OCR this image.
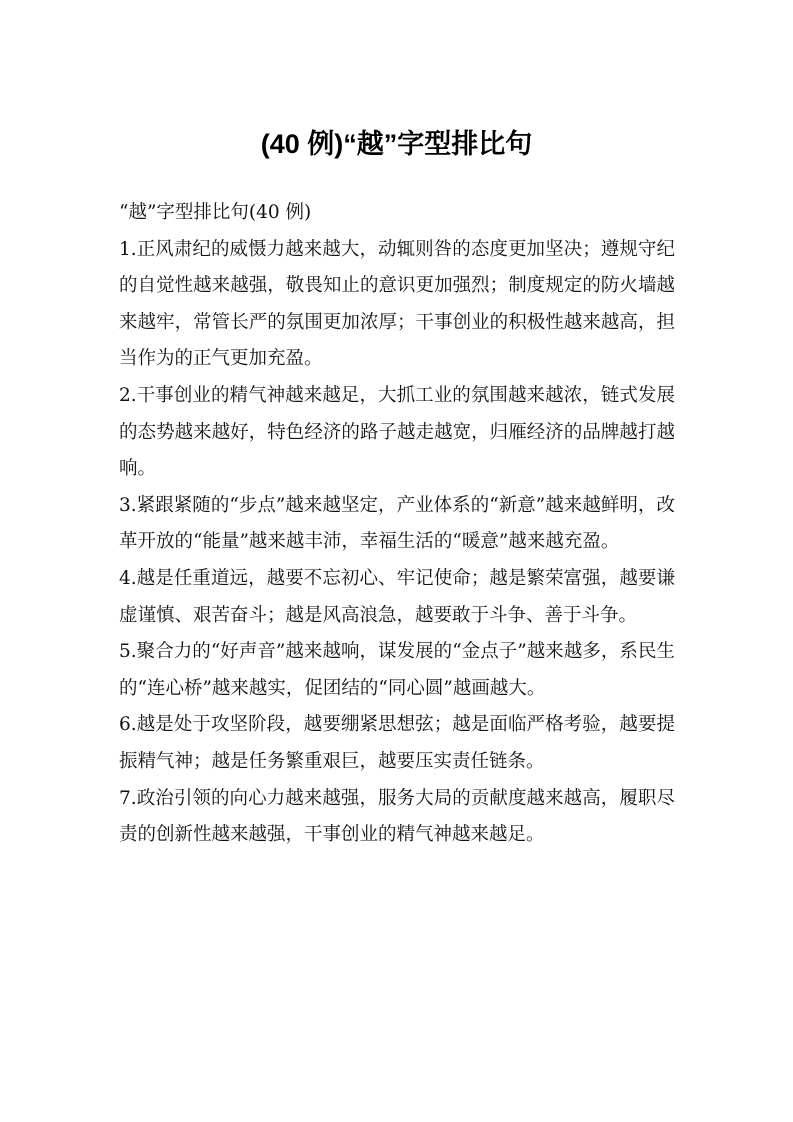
(40 例)“越”字型排比句

“越”字型排比句(40 例)

1.正风肃纪的威慑力越来越大，动辄则咎的态度更加坚决；遵规守纪的自觉性越来越强，敬畏知止的意识更加强烈；制度规定的防火墙越来越牢，常管长严的氛围更加浓厚；干事创业的积极性越来越高，担当作为的正气更加充盈。

2.干事创业的精气神越来越足，大抓工业的氛围越来越浓，链式发展的态势越来越好，特色经济的路子越走越宽，归雁经济的品牌越打越响。

3.紧跟紧随的“步点”越来越坚定，产业体系的“新意”越来越鲜明，改革开放的“能量”越来越丰沛，幸福生活的“暖意”越来越充盈。

4.越是任重道远，越要不忘初心、牢记使命；越是繁荣富强，越要谦虚谨慎、艰苦奋斗；越是风高浪急，越要敢于斗争、善于斗争。

5.聚合力的“好声音”越来越响，谋发展的“金点子”越来越多，系民生的“连心桥”越来越实，促团结的“同心圆”越画越大。

6.越是处于攻坚阶段，越要绷紧思想弦；越是面临严格考验，越要提振精气神；越是任务繁重艰巨，越要压实责任链条。

7.政治引领的向心力越来越强，服务大局的贡献度越来越高，履职尽责的创新性越来越强，干事创业的精气神越来越足。
